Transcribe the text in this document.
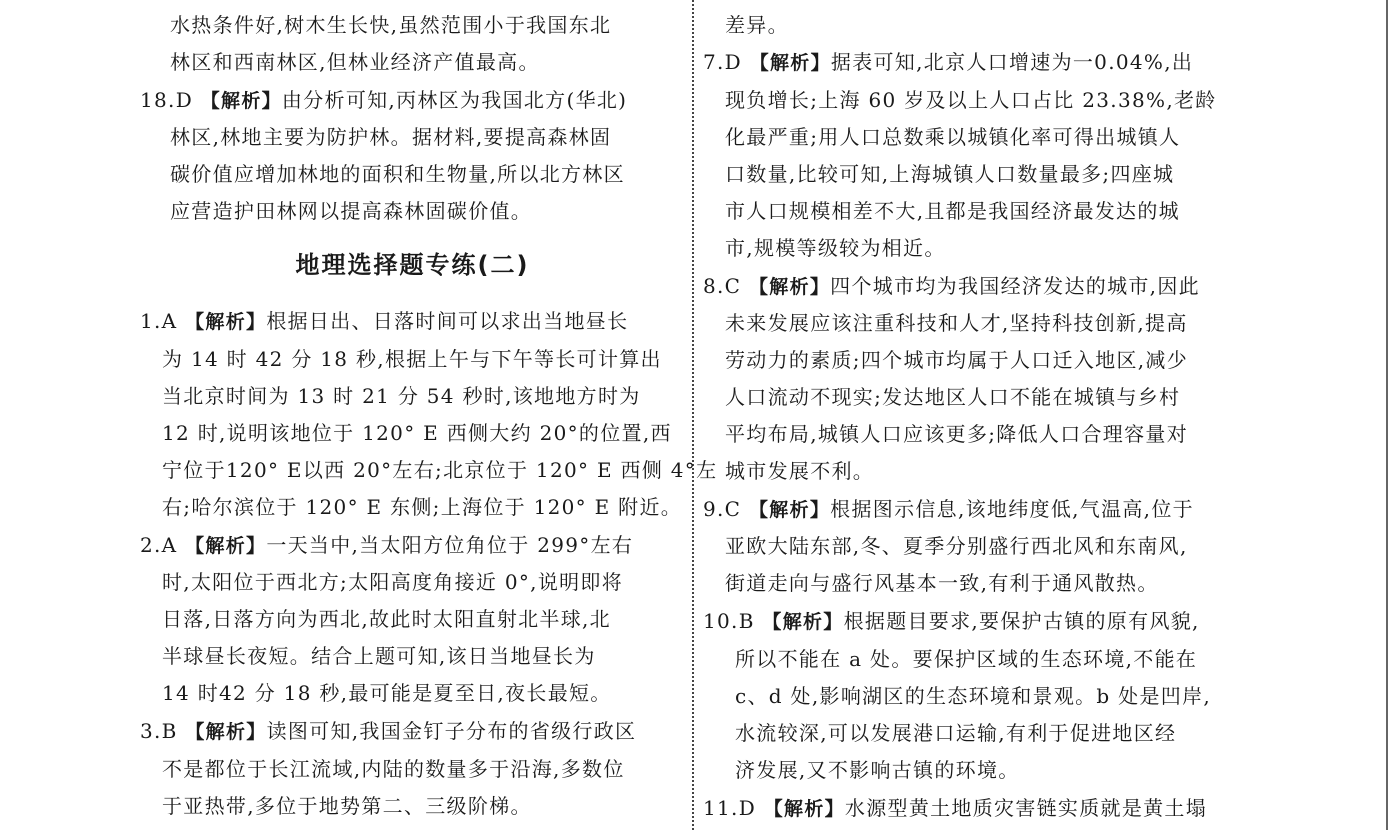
水热条件好,树木生长快,虽然范围小于我国东北
林区和西南林区,但林业经济产值最高。
18.D 【解析】由分析可知,丙林区为我国北方(华北)
林区,林地主要为防护林。据材料,要提高森林固
碳价值应增加林地的面积和生物量,所以北方林区
应营造护田林网以提高森林固碳价值。
地理选择题专练(二)
1.A 【解析】根据日出、日落时间可以求出当地昼长
为 14 时 42 分 18 秒,根据上午与下午等长可计算出
当北京时间为 13 时 21 分 54 秒时,该地地方时为
12 时,说明该地位于 120° E 西侧大约 20°的位置,西
宁位于120° E以西 20°左右;北京位于 120° E 西侧 4°左
右;哈尔滨位于 120° E 东侧;上海位于 120° E 附近。
2.A 【解析】一天当中,当太阳方位角位于 299°左右
时,太阳位于西北方;太阳高度角接近 0°,说明即将
日落,日落方向为西北,故此时太阳直射北半球,北
半球昼长夜短。结合上题可知,该日当地昼长为
14 时42 分 18 秒,最可能是夏至日,夜长最短。
3.B 【解析】读图可知,我国金钉子分布的省级行政区
不是都位于长江流域,内陆的数量多于沿海,多数位
于亚热带,多位于地势第二、三级阶梯。
差异。
7.D 【解析】据表可知,北京人口增速为一0.04%,出
现负增长;上海 60 岁及以上人口占比 23.38%,老龄
化最严重;用人口总数乘以城镇化率可得出城镇人
口数量,比较可知,上海城镇人口数量最多;四座城
市人口规模相差不大,且都是我国经济最发达的城
市,规模等级较为相近。
8.C 【解析】四个城市均为我国经济发达的城市,因此
未来发展应该注重科技和人才,坚持科技创新,提高
劳动力的素质;四个城市均属于人口迁入地区,减少
人口流动不现实;发达地区人口不能在城镇与乡村
平均布局,城镇人口应该更多;降低人口合理容量对
城市发展不利。
9.C 【解析】根据图示信息,该地纬度低,气温高,位于
亚欧大陆东部,冬、夏季分别盛行西北风和东南风,
街道走向与盛行风基本一致,有利于通风散热。
10.B 【解析】根据题目要求,要保护古镇的原有风貌,
所以不能在 a 处。要保护区域的生态环境,不能在
c、d 处,影响湖区的生态环境和景观。b 处是凹岸,
水流较深,可以发展港口运输,有利于促进地区经
济发展,又不影响古镇的环境。
11.D 【解析】水源型黄土地质灾害链实质就是黄土塌
